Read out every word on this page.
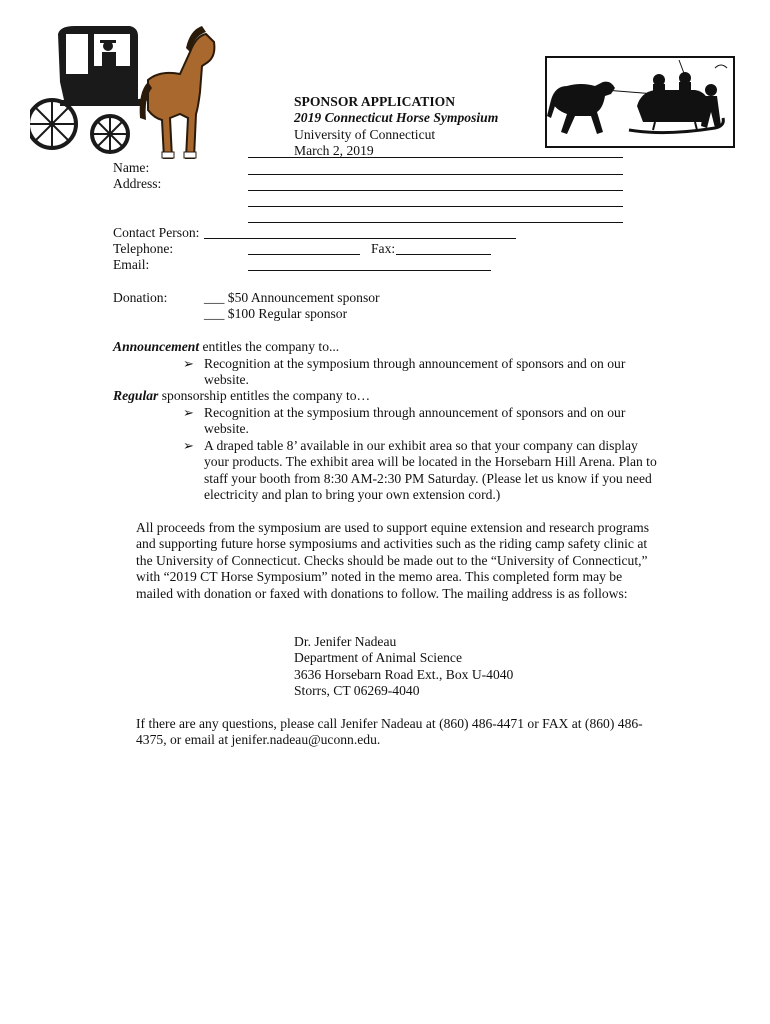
SPONSOR APPLICATION
2019 Connecticut Horse Symposium
University of Connecticut
March 2, 2019
Name:
Address:
Contact Person:
Telephone:	Fax:
Email:
Donation:	___ $50 Announcement sponsor
___ $100 Regular sponsor
Announcement entitles the company to...
➢ Recognition at the symposium through announcement of sponsors and on our website.
Regular sponsorship entitles the company to…
➢ Recognition at the symposium through announcement of sponsors and on our website.
➢ A draped table 8’ available in our exhibit area so that your company can display your products. The exhibit area will be located in the Horsebarn Hill Arena. Plan to staff your booth from 8:30 AM-2:30 PM Saturday. (Please let us know if you need electricity and plan to bring your own extension cord.)
All proceeds from the symposium are used to support equine extension and research programs and supporting future horse symposiums and activities such as the riding camp safety clinic at the University of Connecticut. Checks should be made out to the “University of Connecticut,” with “2019 CT Horse Symposium” noted in the memo area. This completed form may be mailed with donation or faxed with donations to follow. The mailing address is as follows:
Dr. Jenifer Nadeau
Department of Animal Science
3636 Horsebarn Road Ext., Box U-4040
Storrs, CT 06269-4040
If there are any questions, please call Jenifer Nadeau at (860) 486-4471 or FAX at (860) 486-4375, or email at jenifer.nadeau@uconn.edu.
